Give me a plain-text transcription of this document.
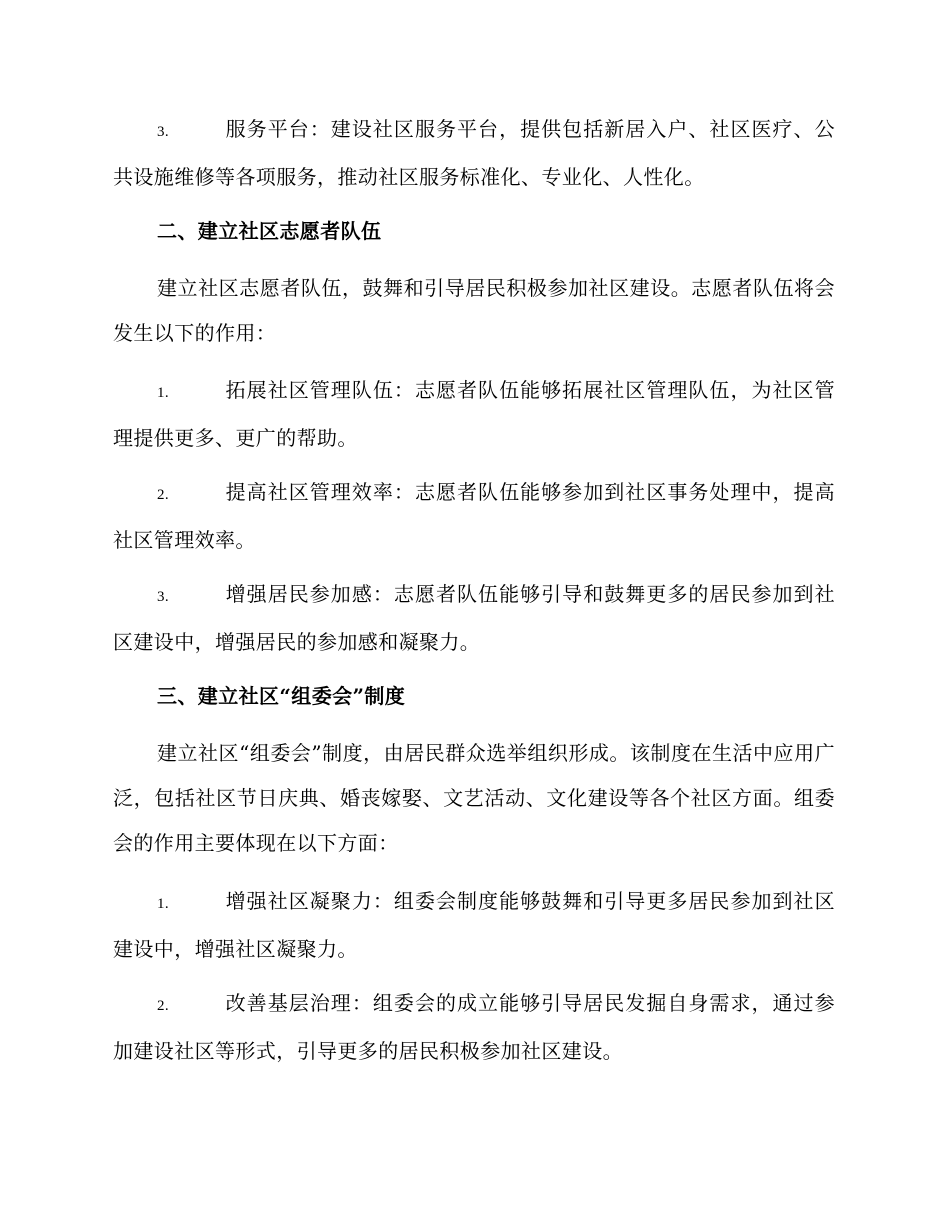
3.	服务平台：建设社区服务平台，提供包括新居入户、社区医疗、公共设施维修等各项服务，推动社区服务标准化、专业化、人性化。

二、建立社区志愿者队伍

建立社区志愿者队伍，鼓舞和引导居民积极参加社区建设。志愿者队伍将会发生以下的作用：

1.	拓展社区管理队伍：志愿者队伍能够拓展社区管理队伍，为社区管理提供更多、更广的帮助。

2.	提高社区管理效率：志愿者队伍能够参加到社区事务处理中，提高社区管理效率。

3.	增强居民参加感：志愿者队伍能够引导和鼓舞更多的居民参加到社区建设中，增强居民的参加感和凝聚力。

三、建立社区“组委会”制度

建立社区“组委会”制度，由居民群众选举组织形成。该制度在生活中应用广泛，包括社区节日庆典、婚丧嫁娶、文艺活动、文化建设等各个社区方面。组委会的作用主要体现在以下方面：

1.	增强社区凝聚力：组委会制度能够鼓舞和引导更多居民参加到社区建设中，增强社区凝聚力。

2.	改善基层治理：组委会的成立能够引导居民发掘自身需求，通过参加建设社区等形式，引导更多的居民积极参加社区建设。
